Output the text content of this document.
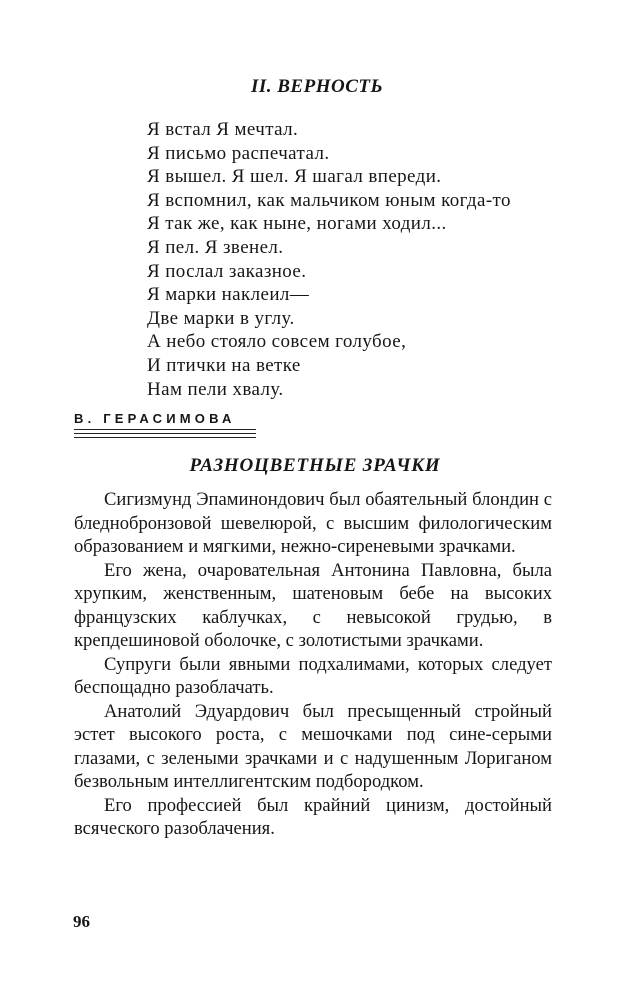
II. ВЕРНОСТЬ
Я встал Я мечтал.
Я письмо распечатал.
Я вышел. Я шел. Я шагал впереди.
Я вспомнил, как мальчиком юным когда-то
Я так же, как ныне, ногами ходил...
Я пел. Я звенел.
Я послал заказное.
Я марки наклеил—
Две марки в углу.
А небо стояло совсем голубое,
И птички на ветке
Нам пели хвалу.
В. ГЕРАСИМОВА
РАЗНОЦВЕТНЫЕ ЗРАЧКИ

Сигизмунд Эпаминондович был обаятельный блондин с бледнобронзовой шевелюрой, с высшим филологическим образованием и мягкими, нежно-сиреневыми зрачками.

Его жена, очаровательная Антонина Павловна, была хрупким, женственным, шатеновым бебе на высоких французских каблучках, с невысокой грудью, в крепдешиновой оболочке, с золотистыми зрачками.

Супруги были явными подхалимами, которых следует беспощадно разоблачать.

Анатолий Эдуардович был пресыщенный стройный эстет высокого роста, с мешочками под сине-серыми глазами, с зелеными зрачками и с надушенным Лориганом безвольным интеллигентским подбородком.

Его профессией был крайний цинизм, достойный всяческого разоблачения.

96
